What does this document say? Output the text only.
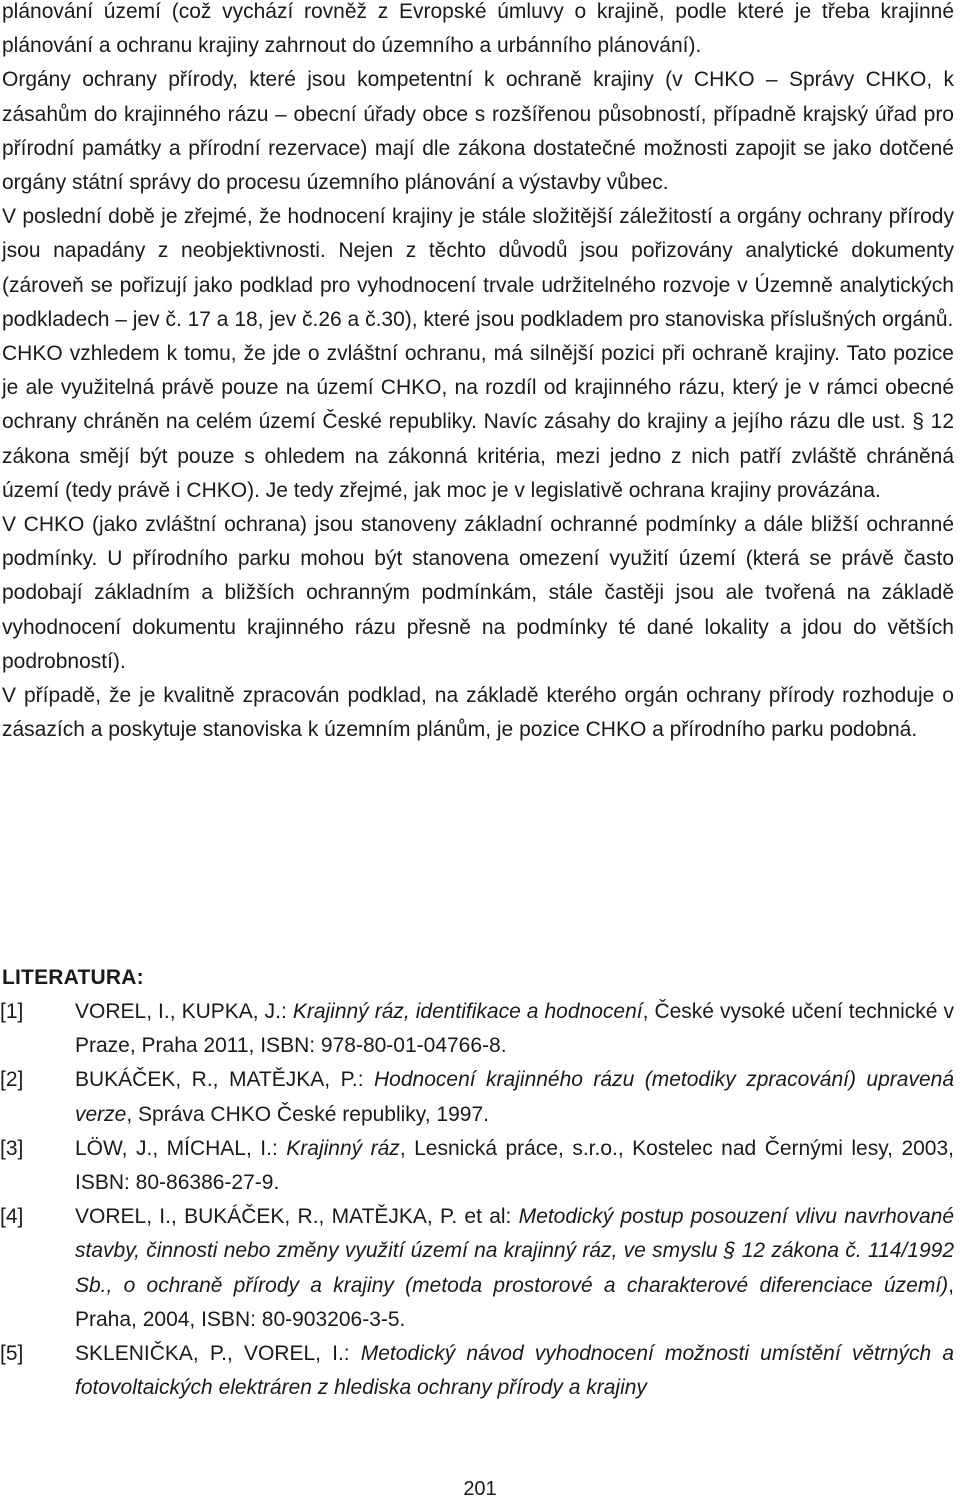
plánování území (což vychází rovněž z Evropské úmluvy o krajině, podle které je třeba krajinné plánování a ochranu krajiny zahrnout do územního a urbánního plánování).

Orgány ochrany přírody, které jsou kompetentní k ochraně krajiny (v CHKO – Správy CHKO, k zásahům do krajinného rázu – obecní úřady obce s rozšířenou působností, případně krajský úřad pro přírodní památky a přírodní rezervace) mají dle zákona dostatečné možnosti zapojit se jako dotčené orgány státní správy do procesu územního plánování a výstavby vůbec.

V poslední době je zřejmé, že hodnocení krajiny je stále složitější záležitostí a orgány ochrany přírody jsou napadány z neobjektivnosti. Nejen z těchto důvodů jsou pořizovány analytické dokumenty (zároveň se pořizují jako podklad pro vyhodnocení trvale udržitelného rozvoje v Územně analytických podkladech – jev č. 17 a 18, jev č.26 a č.30), které jsou podkladem pro stanoviska příslušných orgánů.

CHKO vzhledem k tomu, že jde o zvláštní ochranu, má silnější pozici při ochraně krajiny. Tato pozice je ale využitelná právě pouze na území CHKO, na rozdíl od krajinného rázu, který je v rámci obecné ochrany chráněn na celém území České republiky. Navíc zásahy do krajiny a jejího rázu dle ust. § 12 zákona smějí být pouze s ohledem na zákonná kritéria, mezi jedno z nich patří zvláště chráněná území (tedy právě i CHKO). Je tedy zřejmé, jak moc je v legislativě ochrana krajiny provázána.

V CHKO (jako zvláštní ochrana) jsou stanoveny základní ochranné podmínky a dále bližší ochranné podmínky. U přírodního parku mohou být stanovena omezení využití území (která se právě často podobají základním a bližších ochranným podmínkám, stále častěji jsou ale tvořená na základě vyhodnocení dokumentu krajinného rázu přesně na podmínky té dané lokality a jdou do větších podrobností).

V případě, že je kvalitně zpracován podklad, na základě kterého orgán ochrany přírody rozhoduje o zásazích a poskytuje stanoviska k územním plánům, je pozice CHKO a přírodního parku podobná.

LITERATURA:
[1]	VOREL, I., KUPKA, J.: Krajinný ráz, identifikace a hodnocení, České vysoké učení technické v Praze, Praha 2011, ISBN: 978-80-01-04766-8.
[2]	BUKÁČEK, R., MATĚJKA, P.: Hodnocení krajinného rázu (metodiky zpracování) upravená verze, Správa CHKO České republiky, 1997.
[3]	LÖW, J., MÍCHAL, I.: Krajinný ráz, Lesnická práce, s.r.o., Kostelec nad Černými lesy, 2003, ISBN: 80-86386-27-9.
[4]	VOREL, I., BUKÁČEK, R., MATĚJKA, P. et al: Metodický postup posouzení vlivu navrhované stavby, činnosti nebo změny využití území na krajinný ráz, ve smyslu § 12 zákona č. 114/1992 Sb., o ochraně přírody a krajiny (metoda prostorové a charakterové diferenciace území), Praha, 2004, ISBN: 80-903206-3-5.
[5]	SKLENIČKA, P., VOREL, I.: Metodický návod vyhodnocení možnosti umístění větrných a fotovoltaických elektráren z hlediska ochrany přírody a krajiny
201
